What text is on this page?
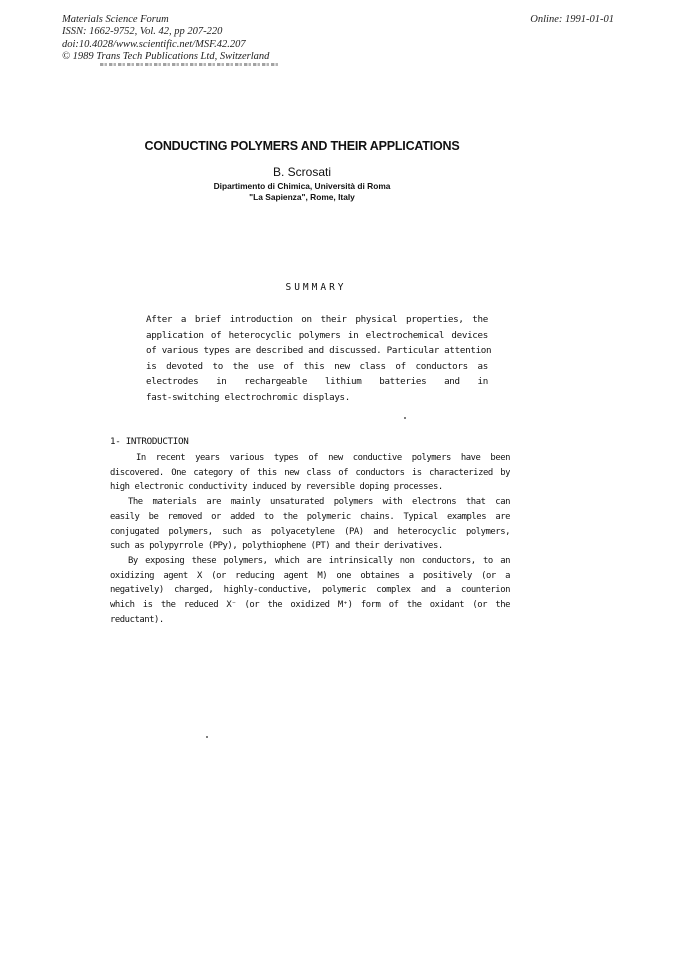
Materials Science Forum
ISSN: 1662-9752, Vol. 42, pp 207-220
doi:10.4028/www.scientific.net/MSF.42.207
© 1989 Trans Tech Publications Ltd, Switzerland
Online: 1991-01-01
CONDUCTING POLYMERS AND THEIR APPLICATIONS
B. Scrosati
Dipartimento di Chimica, Università di Roma
"La Sapienza", Rome, Italy
SUMMARY
After a brief introduction on their physical properties, the
application of heterocyclic polymers in electrochemical devices
of various types are described and discussed. Particular attention
is devoted to the use of this new class of conductors as
electrodes in rechargeable lithium batteries and in
fast-switching electrochromic displays.
1- INTRODUCTION
In recent years various types of new conductive polymers have been
discovered. One category of this new class of conductors is characterized by
high electronic conductivity induced by reversible doping processes.
The materials are mainly unsaturated polymers with electrons that can
easily be removed or added to the polymeric chains. Typical examples are
conjugated polymers, such as polyacetylene (PA) and heterocyclic polymers,
such as polypyrrole (PPy), polythiophene (PT) and their derivatives.
By exposing these polymers, which are intrinsically non conductors, to an
oxidizing agent X (or reducing agent M) one obtaines a positively (or a
negatively) charged, highly-conductive, polymeric complex and a counterion
which is the reduced X⁻ (or the oxidized M⁺) form of the oxidant (or the
reductant).
